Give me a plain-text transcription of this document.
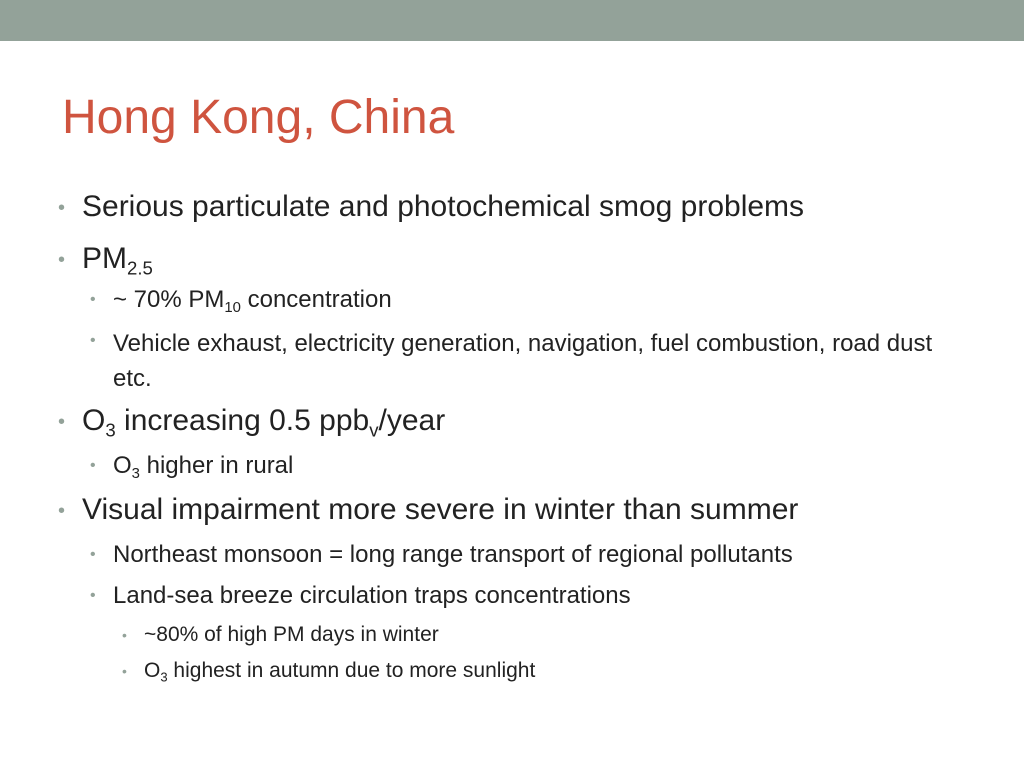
Hong Kong, China
• Serious particulate and photochemical smog problems
• $PM_{2.5}$
• ~ 70% $PM_{10}$ concentration
• Vehicle exhaust, electricity generation, navigation, fuel combustion, road dust etc.
• $O_3$ increasing 0.5 ppb$_v$/year
• $O_3$ higher in rural
• Visual impairment more severe in winter than summer
• Northeast monsoon = long range transport of regional pollutants
• Land-sea breeze circulation traps concentrations
• ~80% of high PM days in winter
• $O_3$ highest in autumn due to more sunlight
